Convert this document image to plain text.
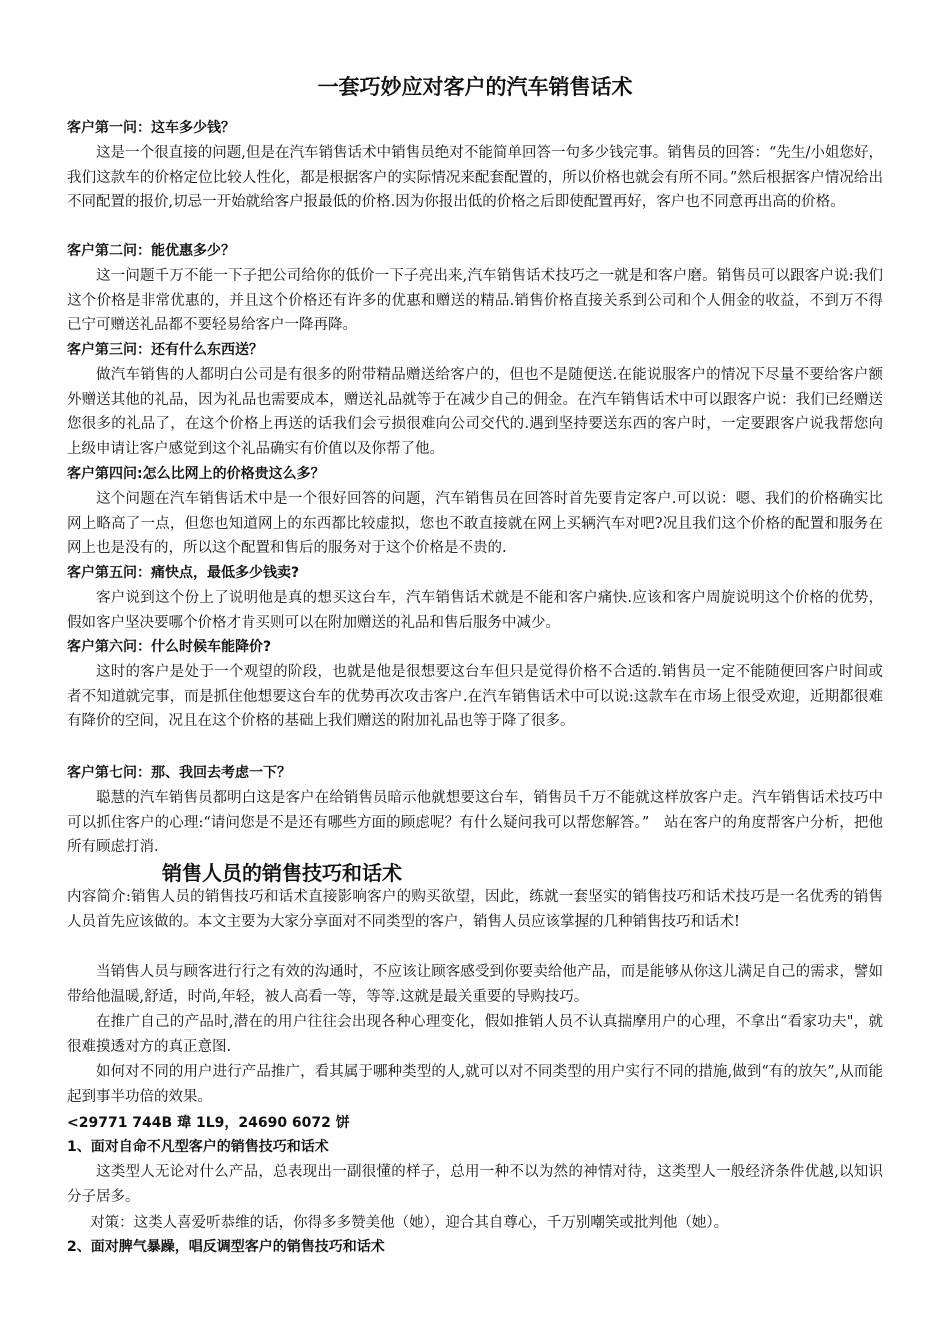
一套巧妙应对客户的汽车销售话术
客户第一问：这车多少钱？
这是一个很直接的问题,但是在汽车销售话术中销售员绝对不能简单回答一句多少钱完事。销售员的回答：“先生/小姐您好，我们这款车的价格定位比较人性化，都是根据客户的实际情况来配套配置的，所以价格也就会有所不同。”然后根据客户情况给出不同配置的报价,切忌一开始就给客户报最低的价格.因为你报出低的价格之后即使配置再好，客户也不同意再出高的价格。
客户第二问：能优惠多少？
这一问题千万不能一下子把公司给你的低价一下子亮出来,汽车销售话术技巧之一就是和客户磨。销售员可以跟客户说:我们这个价格是非常优惠的，并且这个价格还有许多的优惠和赠送的精品.销售价格直接关系到公司和个人佣金的收益，不到万不得已宁可赠送礼品都不要轻易给客户一降再降。
客户第三问：还有什么东西送？
做汽车销售的人都明白公司是有很多的附带精品赠送给客户的，但也不是随便送.在能说服客户的情况下尽量不要给客户额外赠送其他的礼品，因为礼品也需要成本，赠送礼品就等于在减少自己的佣金。在汽车销售话术中可以跟客户说：我们已经赠送您很多的礼品了，在这个价格上再送的话我们会亏损很难向公司交代的.遇到坚持要送东西的客户时，一定要跟客户说我帮您向上级申请让客户感觉到这个礼品确实有价值以及你帮了他。
客户第四问:怎么比网上的价格贵这么多？
这个问题在汽车销售话术中是一个很好回答的问题，汽车销售员在回答时首先要肯定客户.可以说：嗯、我们的价格确实比网上略高了一点，但您也知道网上的东西都比较虚拟，您也不敢直接就在网上买辆汽车对吧?况且我们这个价格的配置和服务在网上也是没有的，所以这个配置和售后的服务对于这个价格是不贵的.
客户第五问：痛快点，最低多少钱卖?
客户说到这个份上了说明他是真的想买这台车，汽车销售话术就是不能和客户痛快.应该和客户周旋说明这个价格的优势，假如客户坚决要哪个价格才肯买则可以在附加赠送的礼品和售后服务中减少。
客户第六问：什么时候车能降价?
这时的客户是处于一个观望的阶段，也就是他是很想要这台车但只是觉得价格不合适的.销售员一定不能随便回客户时间或者不知道就完事，而是抓住他想要这台车的优势再次攻击客户.在汽车销售话术中可以说:这款车在市场上很受欢迎，近期都很难有降价的空间，况且在这个价格的基础上我们赠送的附加礼品也等于降了很多。
客户第七问：那、我回去考虑一下？
聪慧的汽车销售员都明白这是客户在给销售员暗示他就想要这台车，销售员千万不能就这样放客户走。汽车销售话术技巧中可以抓住客户的心理:“请问您是不是还有哪些方面的顾虑呢？有什么疑问我可以帮您解答。”　站在客户的角度帮客户分析，把他所有顾虑打消.
销售人员的销售技巧和话术
内容简介:销售人员的销售技巧和话术直接影响客户的购买欲望，因此，练就一套坚实的销售技巧和话术技巧是一名优秀的销售人员首先应该做的。本文主要为大家分享面对不同类型的客户，销售人员应该掌握的几种销售技巧和话术!
当销售人员与顾客进行行之有效的沟通时，不应该让顾客感受到你要卖给他产品，而是能够从你这儿满足自己的需求，譬如带给他温暖,舒适，时尚,年轻，被人高看一等，等等.这就是最关重要的导购技巧。
在推广自己的产品时,潜在的用户往往会出现各种心理变化，假如推销人员不认真揣摩用户的心理，不拿出“看家功夫"，就很难摸透对方的真正意图.
如何对不同的用户进行产品推广，看其属于哪种类型的人,就可以对不同类型的用户实行不同的措施,做到“有的放矢”,从而能起到事半功倍的效果。
<29771 744B 瑋 1L9，24690 6072 饼
1、面对自命不凡型客户的销售技巧和话术
这类型人无论对什么产品，总表现出一副很懂的样子，总用一种不以为然的神情对待，这类型人一般经济条件优越,以知识分子居多。
对策：这类人喜爱听恭维的话，你得多多赞美他（她），迎合其自尊心，千万别嘲笑或批判他（她）。
2、面对脾气暴躁，唱反调型客户的销售技巧和话术
